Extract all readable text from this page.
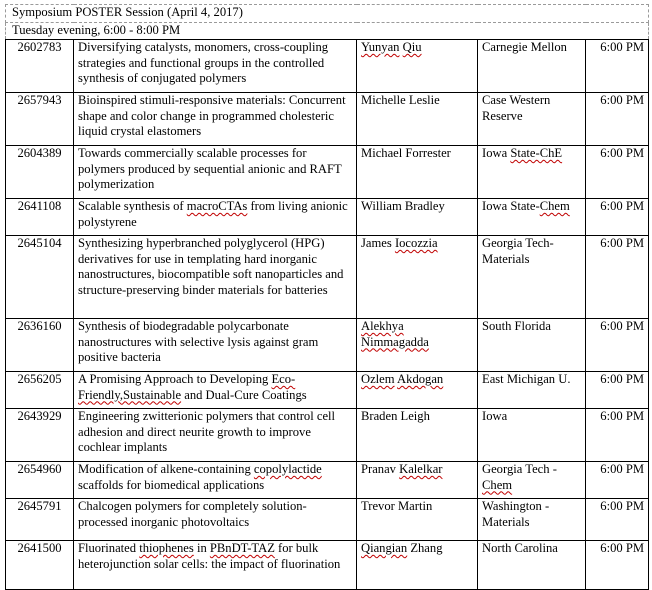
Symposium POSTER Session (April 4, 2017)				
Tuesday evening, 6:00 - 8:00 PM				
2602783	Diversifying catalysts, monomers, cross-coupling strategies and functional groups in the controlled synthesis of conjugated polymers	Yunyan Qiu	Carnegie Mellon	6:00 PM
2657943	Bioinspired stimuli-responsive materials: Concurrent shape and color change in programmed cholesteric liquid crystal elastomers	Michelle Leslie	Case Western Reserve	6:00 PM
2604389	Towards commercially scalable processes for polymers produced by sequential anionic and RAFT polymerization	Michael Forrester	Iowa State-ChE	6:00 PM
2641108	Scalable synthesis of macroCTAs from living anionic polystyrene	William Bradley	Iowa State-Chem	6:00 PM
2645104	Synthesizing hyperbranched polyglycerol (HPG) derivatives for use in templating hard inorganic nanostructures, biocompatible soft nanoparticles and structure-preserving binder materials for batteries	James Iocozzia	Georgia Tech-Materials	6:00 PM
2636160	Synthesis of biodegradable polycarbonate nanostructures with selective lysis against gram positive bacteria	Alekhya Nimmagadda	South Florida	6:00 PM
2656205	A Promising Approach to Developing Eco-Friendly,Sustainable and Dual-Cure Coatings	Ozlem Akdogan	East Michigan U.	6:00 PM
2643929	Engineering zwitterionic polymers that control cell adhesion and direct neurite growth to improve cochlear implants	Braden Leigh	Iowa	6:00 PM
2654960	Modification of alkene-containing copolylactide scaffolds for biomedical applications	Pranav Kalelkar	Georgia Tech - Chem	6:00 PM
2645791	Chalcogen polymers for completely solution-processed inorganic photovoltaics	Trevor Martin	Washington - Materials	6:00 PM
2641500	Fluorinated thiophenes in PBnDT-TAZ for bulk heterojunction solar cells: the impact of fluorination	Qiangian Zhang	North Carolina	6:00 PM
